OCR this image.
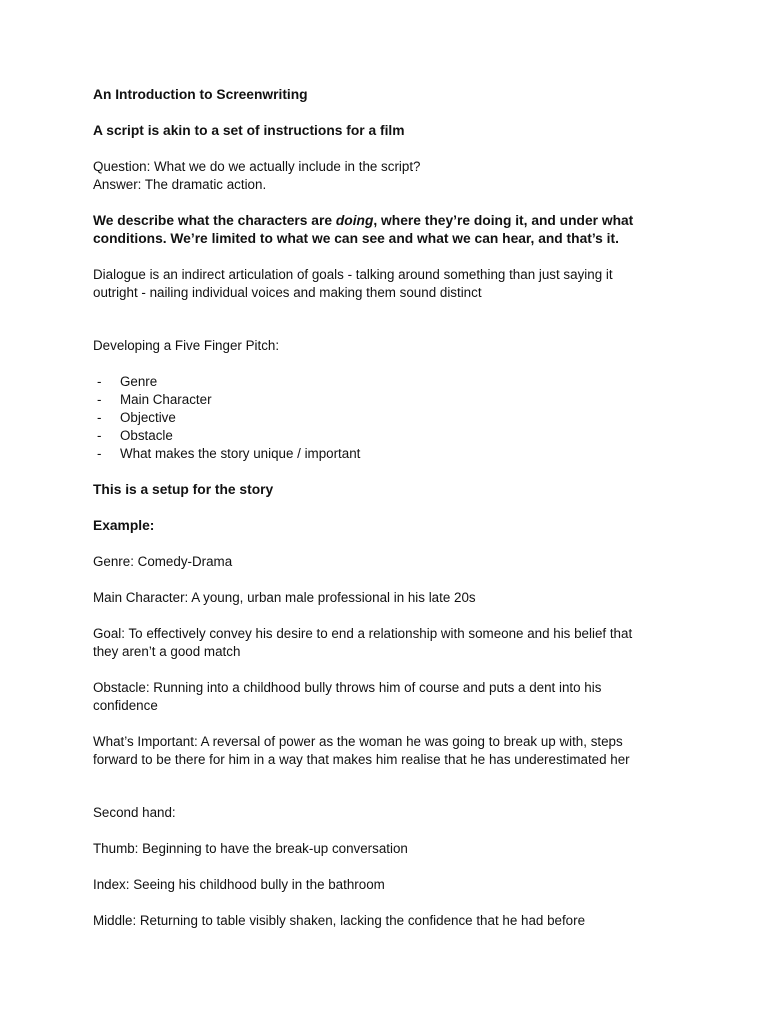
An Introduction to Screenwriting

A script is akin to a set of instructions for a film

Question: What we do we actually include in the script?
Answer: The dramatic action.

We describe what the characters are doing, where they’re doing it, and under what
conditions. We’re limited to what we can see and what we can hear, and that’s it.

Dialogue is an indirect articulation of goals - talking around something than just saying it
outright - nailing individual voices and making them sound distinct

Developing a Five Finger Pitch:

- Genre
- Main Character
- Objective
- Obstacle
- What makes the story unique / important

This is a setup for the story

Example:

Genre: Comedy-Drama

Main Character: A young, urban male professional in his late 20s

Goal: To effectively convey his desire to end a relationship with someone and his belief that
they aren’t a good match

Obstacle: Running into a childhood bully throws him of course and puts a dent into his
confidence

What’s Important: A reversal of power as the woman he was going to break up with, steps
forward to be there for him in a way that makes him realise that he has underestimated her

Second hand:

Thumb: Beginning to have the break-up conversation

Index: Seeing his childhood bully in the bathroom

Middle: Returning to table visibly shaken, lacking the confidence that he had before
